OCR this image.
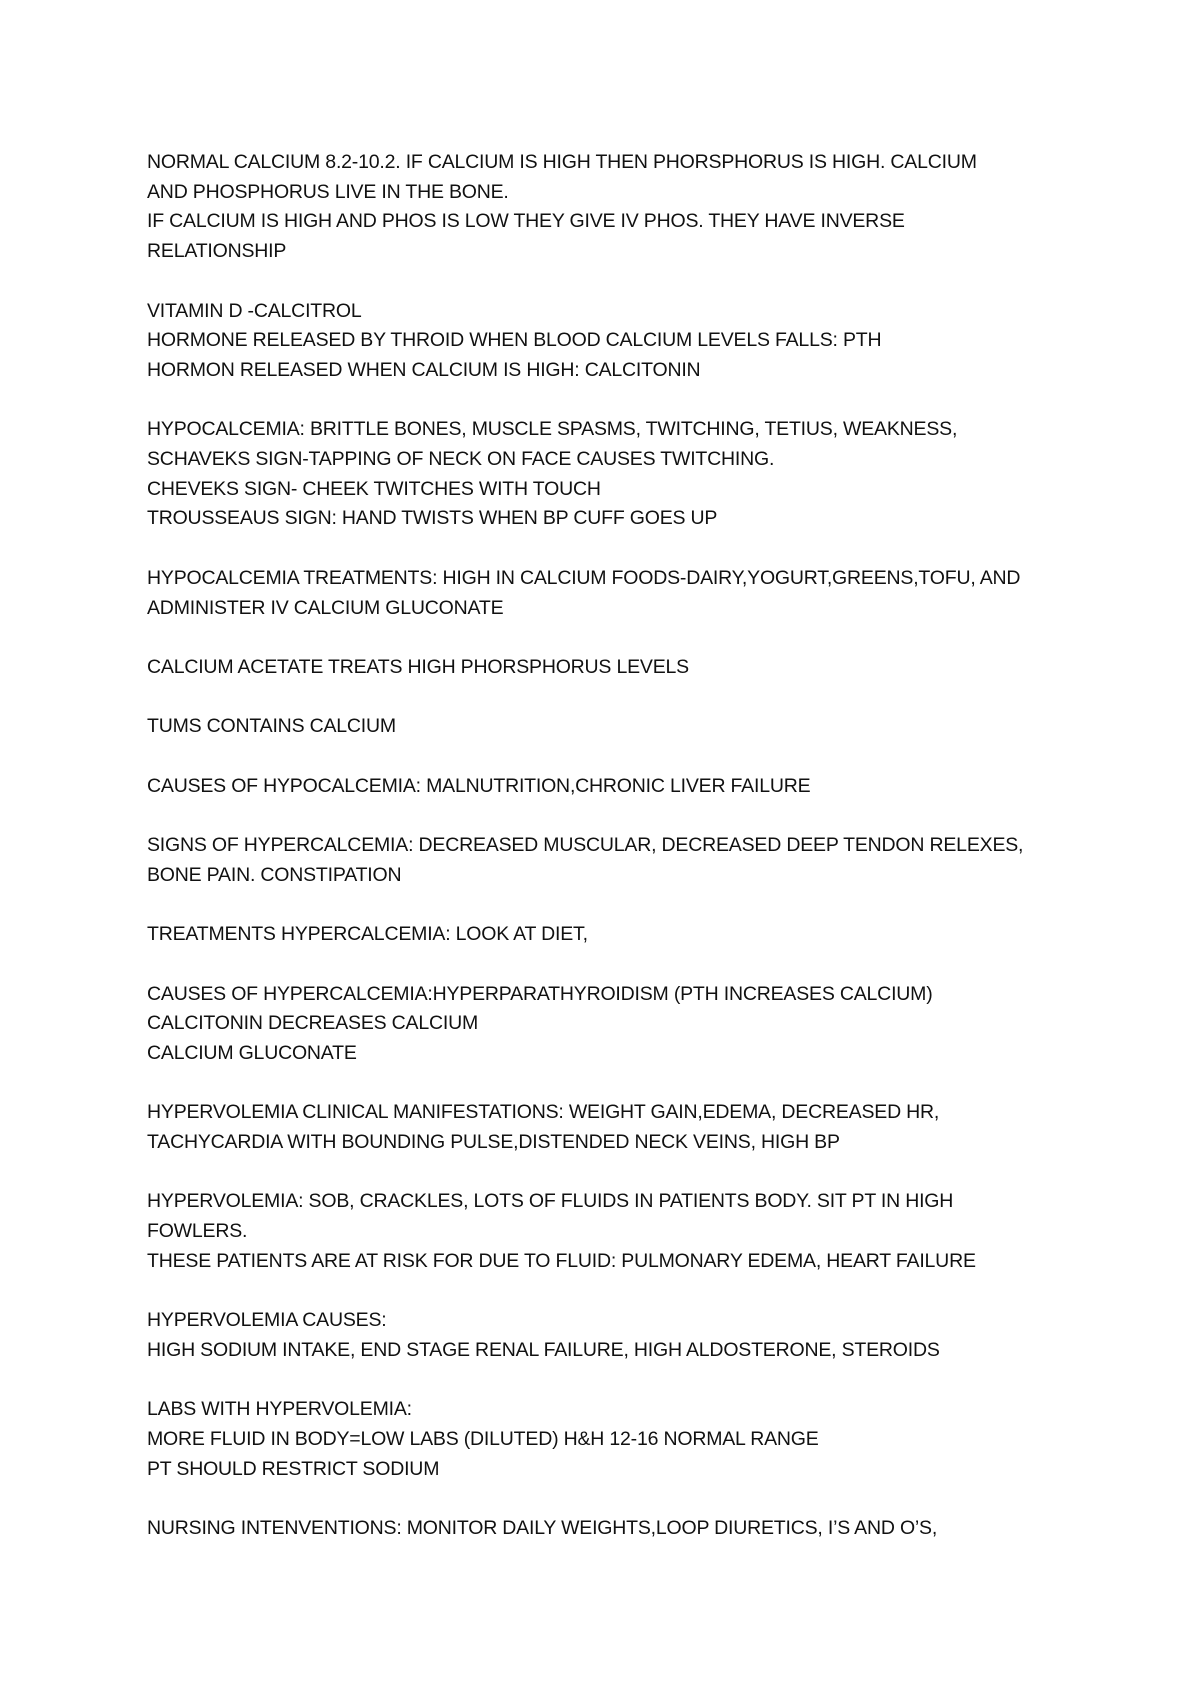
NORMAL CALCIUM 8.2-10.2. IF CALCIUM IS HIGH THEN PHORSPHORUS IS HIGH. CALCIUM
AND PHOSPHORUS LIVE IN THE BONE.
IF CALCIUM IS HIGH AND PHOS IS LOW THEY GIVE IV PHOS. THEY HAVE INVERSE
RELATIONSHIP
VITAMIN D -CALCITROL
HORMONE RELEASED BY THROID WHEN BLOOD CALCIUM LEVELS FALLS: PTH
HORMON RELEASED WHEN CALCIUM IS HIGH: CALCITONIN
HYPOCALCEMIA: BRITTLE BONES, MUSCLE SPASMS, TWITCHING, TETIUS, WEAKNESS,
SCHAVEKS SIGN-TAPPING OF NECK ON FACE CAUSES TWITCHING.
CHEVEKS SIGN- CHEEK TWITCHES WITH TOUCH
TROUSSEAUS SIGN: HAND TWISTS WHEN BP CUFF GOES UP
HYPOCALCEMIA TREATMENTS: HIGH IN CALCIUM FOODS-DAIRY,YOGURT,GREENS,TOFU, AND
ADMINISTER IV CALCIUM GLUCONATE
CALCIUM ACETATE TREATS HIGH PHORSPHORUS LEVELS
TUMS CONTAINS CALCIUM
CAUSES OF HYPOCALCEMIA: MALNUTRITION,CHRONIC LIVER FAILURE
SIGNS OF HYPERCALCEMIA: DECREASED MUSCULAR, DECREASED DEEP TENDON RELEXES,
BONE PAIN. CONSTIPATION
TREATMENTS HYPERCALCEMIA: LOOK AT DIET,
CAUSES OF HYPERCALCEMIA:HYPERPARATHYROIDISM (PTH INCREASES CALCIUM)
CALCITONIN DECREASES CALCIUM
CALCIUM GLUCONATE
HYPERVOLEMIA CLINICAL MANIFESTATIONS: WEIGHT GAIN,EDEMA, DECREASED HR,
TACHYCARDIA WITH BOUNDING PULSE,DISTENDED NECK VEINS, HIGH BP
HYPERVOLEMIA: SOB, CRACKLES, LOTS OF FLUIDS IN PATIENTS BODY. SIT PT IN HIGH
FOWLERS.
THESE PATIENTS ARE AT RISK FOR DUE TO FLUID: PULMONARY EDEMA, HEART FAILURE
HYPERVOLEMIA CAUSES:
HIGH SODIUM INTAKE, END STAGE RENAL FAILURE, HIGH ALDOSTERONE, STEROIDS
LABS WITH HYPERVOLEMIA:
MORE FLUID IN BODY=LOW LABS (DILUTED) H&H 12-16 NORMAL RANGE
PT SHOULD RESTRICT SODIUM
NURSING INTENVENTIONS: MONITOR DAILY WEIGHTS,LOOP DIURETICS, I’S AND O’S,
